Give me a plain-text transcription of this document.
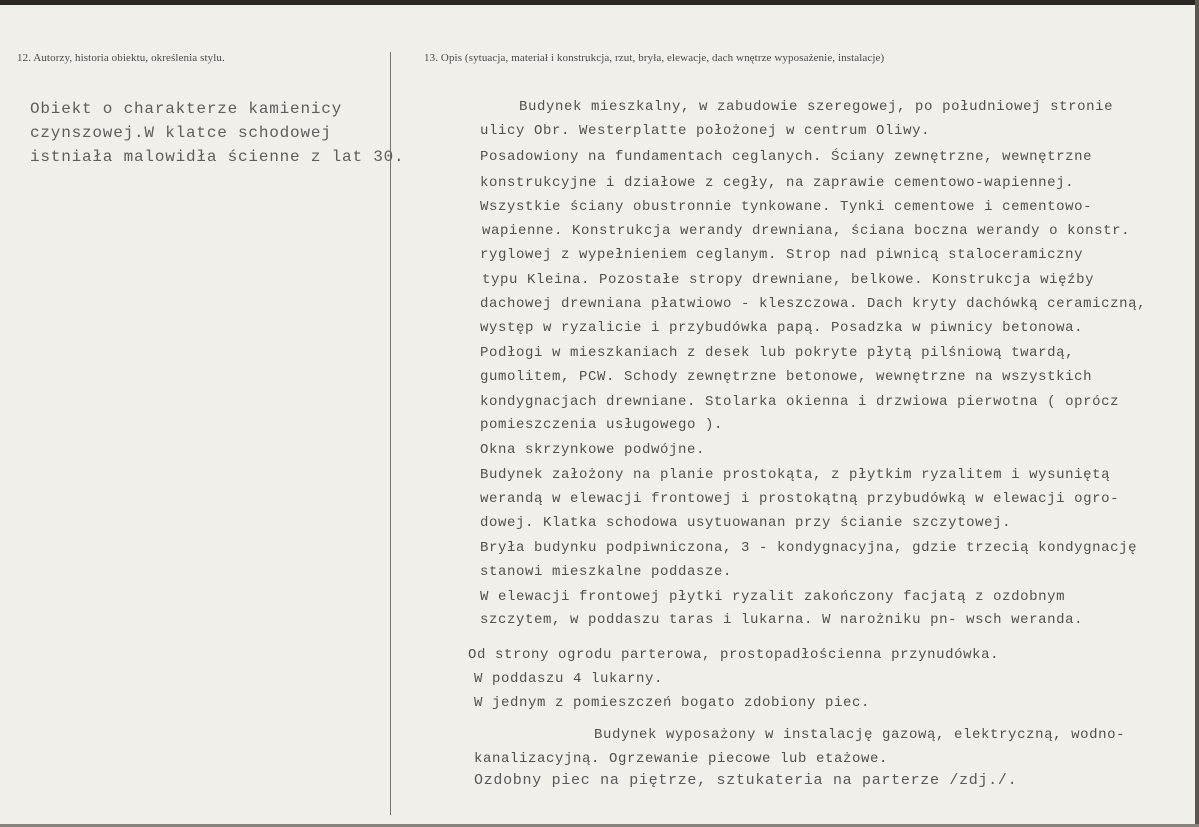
12. Autorzy, historia obiektu, określenia stylu.	13. Opis (sytuacja, materiał i konstrukcja, rzut, bryła, elewacje, dach wnętrze wyposażenie, instalacje)
Obiekt o charakterze kamienicy
czynszowej.W klatce schodowej
istniała malowidła ścienne z lat 30.
Budynek mieszkalny, w zabudowie szeregowej, po południowej stronie
ulicy Obr. Westerplatte położonej w centrum Oliwy.
Posadowiony na fundamentach ceglanych. Ściany zewnętrzne, wewnętrzne
konstrukcyjne i działowe z cegły, na zaprawie cementowo-wapiennej.
Wszystkie ściany obustronnie tynkowane. Tynki cementowe i cementowo-
wapienne. Konstrukcja werandy drewniana, ściana boczna werandy o konstr.
ryglowej z wypełnieniem ceglanym. Strop nad piwnicą staloceramiczny
typu Kleina. Pozostałe stropy drewniane, belkowe. Konstrukcja więźby
dachowej drewniana płatwiowo - kleszczowa. Dach kryty dachówką ceramiczną,
występ w ryzalicie i przybudówka papą. Posadzka w piwnicy betonowa.
Podłogi w mieszkaniach z desek lub pokryte płytą pilśniową twardą,
gumolitem, PCW. Schody zewnętrzne betonowe, wewnętrzne na wszystkich
kondygnacjach drewniane. Stolarka okienna i drzwiowa pierwotna ( oprócz
pomieszczenia usługowego ).
Okna skrzynkowe podwójne.
Budynek założony na planie prostokąta, z płytkim ryzalitem i wysuniętą
werandą w elewacji frontowej i prostokątną przybudówką w elewacji ogro-
dowej. Klatka schodowa usytuowanan przy ścianie szczytowej.
Bryła budynku podpiwniczona, 3 - kondygnacyjna, gdzie trzecią kondygnację
stanowi mieszkalne poddasze.
W elewacji frontowej płytki ryzalit zakończony facjatą z ozdobnym
szczytem, w poddaszu taras i lukarna. W narożniku pn- wsch weranda.
Od strony ogrodu parterowa, prostopadłościenna przynudówka.
W poddaszu 4 lukarny.
W jednym z pomieszczeń bogato zdobiony piec.
Budynek wyposażony w instalację gazową, elektryczną, wodno-
kanalizacyjną. Ogrzewanie piecowe lub etażowe.
Ozdobny piec na piętrze, sztukateria na parterze /zdj./.
